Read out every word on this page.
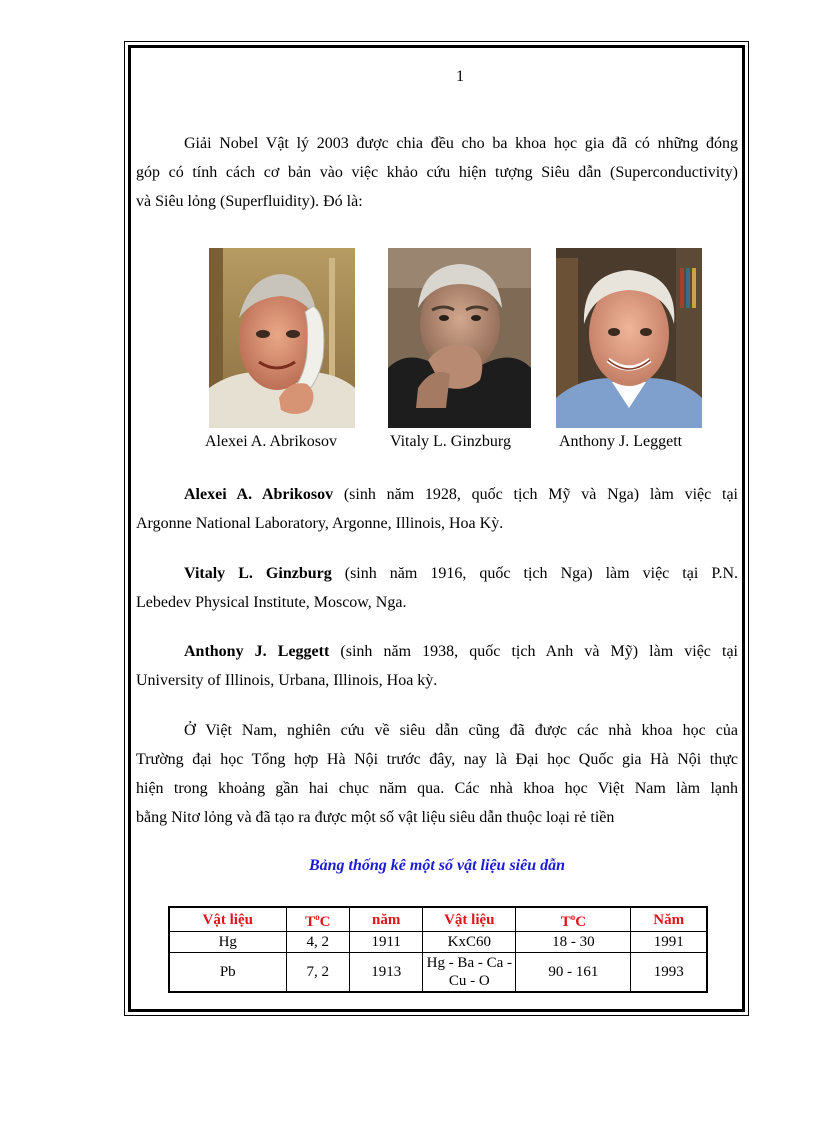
1
Giải Nobel Vật lý 2003 được chia đều cho ba khoa học gia đã có những đóng
góp có tính cách cơ bản vào việc khảo cứu hiện tượng Siêu dẫn (Superconductivity)
và Siêu lỏng (Superfluidity). Đó là:
Alexei A. Abrikosov	Vitaly L. Ginzburg	Anthony J. Leggett
Alexei A. Abrikosov (sinh năm 1928, quốc tịch Mỹ và Nga) làm việc tại
Argonne National Laboratory, Argonne, Illinois, Hoa Kỳ.
Vitaly L. Ginzburg (sinh năm 1916, quốc tịch Nga) làm việc tại P.N.
Lebedev Physical Institute, Moscow, Nga.
Anthony J. Leggett (sinh năm 1938, quốc tịch Anh và Mỹ) làm việc tại
University of Illinois, Urbana, Illinois, Hoa kỳ.
Ở Việt Nam, nghiên cứu về siêu dẫn cũng đã được các nhà khoa học của
Trường đại học Tổng hợp Hà Nội trước đây, nay là Đại học Quốc gia Hà Nội thực
hiện trong khoảng gần hai chục năm qua. Các nhà khoa học Việt Nam làm lạnh
bằng Nitơ lỏng và đã tạo ra được một số vật liệu siêu dẫn thuộc loại rẻ tiền
Bảng thống kê một số vật liệu siêu dẫn
Vật liệu	$T^oC$	năm	Vật liệu	$T^oC$	Năm
Hg	4, 2	1911	KxC60	18 - 30	1991
Pb	7, 2	1913	Hg - Ba - Ca - Cu - O	90 - 161	1993
